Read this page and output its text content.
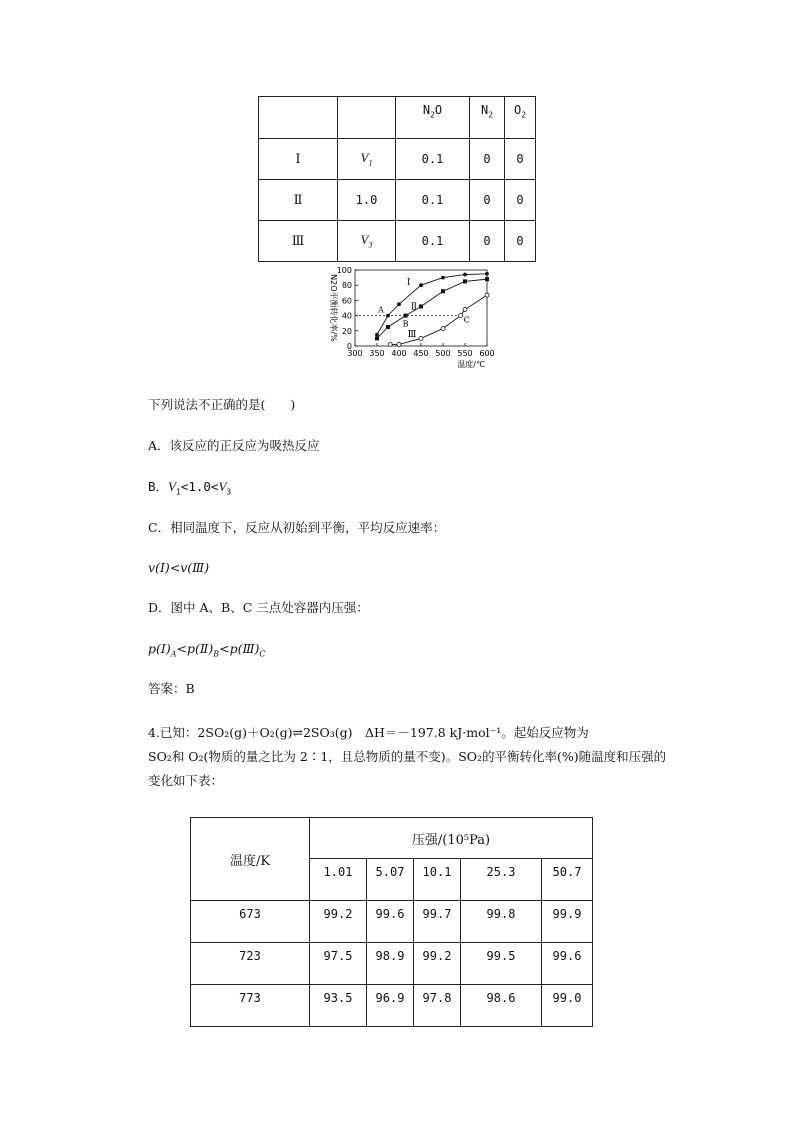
		$N_2O$	$N_2$	$O_2$
Ⅰ	$V_1$	0.1	0	0
Ⅱ	1.0	0.1	0	0
Ⅲ	$V_3$	0.1	0	0
0
20
40
60
80
100
300 350 400 450 500 550 600
温度/℃
N2O平衡转化率/%	Ⅰ
Ⅱ
Ⅲ
A
B	C
下列说法不正确的是(　　)
A．该反应的正反应为吸热反应
B．$V_1<1.0<V_3$
C．相同温度下，反应从初始到平衡，平均反应速率：
v(Ⅰ)<v(Ⅲ)
D．图中 A、B、C 三点处容器内压强：
$p(Ⅰ)_A<p(Ⅱ)_B<p(Ⅲ)_C$
答案：B
4.已知：2SO₂(g)＋O₂(g)⇌2SO₃(g)　ΔH＝－197.8 kJ·mol⁻¹。起始反应物为
SO₂和 O₂(物质的量之比为 2∶1，且总物质的量不变)。SO₂的平衡转化率(%)随温度和压强的
变化如下表：
温度/K	压强/(10⁵Pa)				
	1.01	5.07	10.1	25.3	50.7
673	99.2	99.6	99.7	99.8	99.9
723	97.5	98.9	99.2	99.5	99.6
773	93.5	96.9	97.8	98.6	99.0
